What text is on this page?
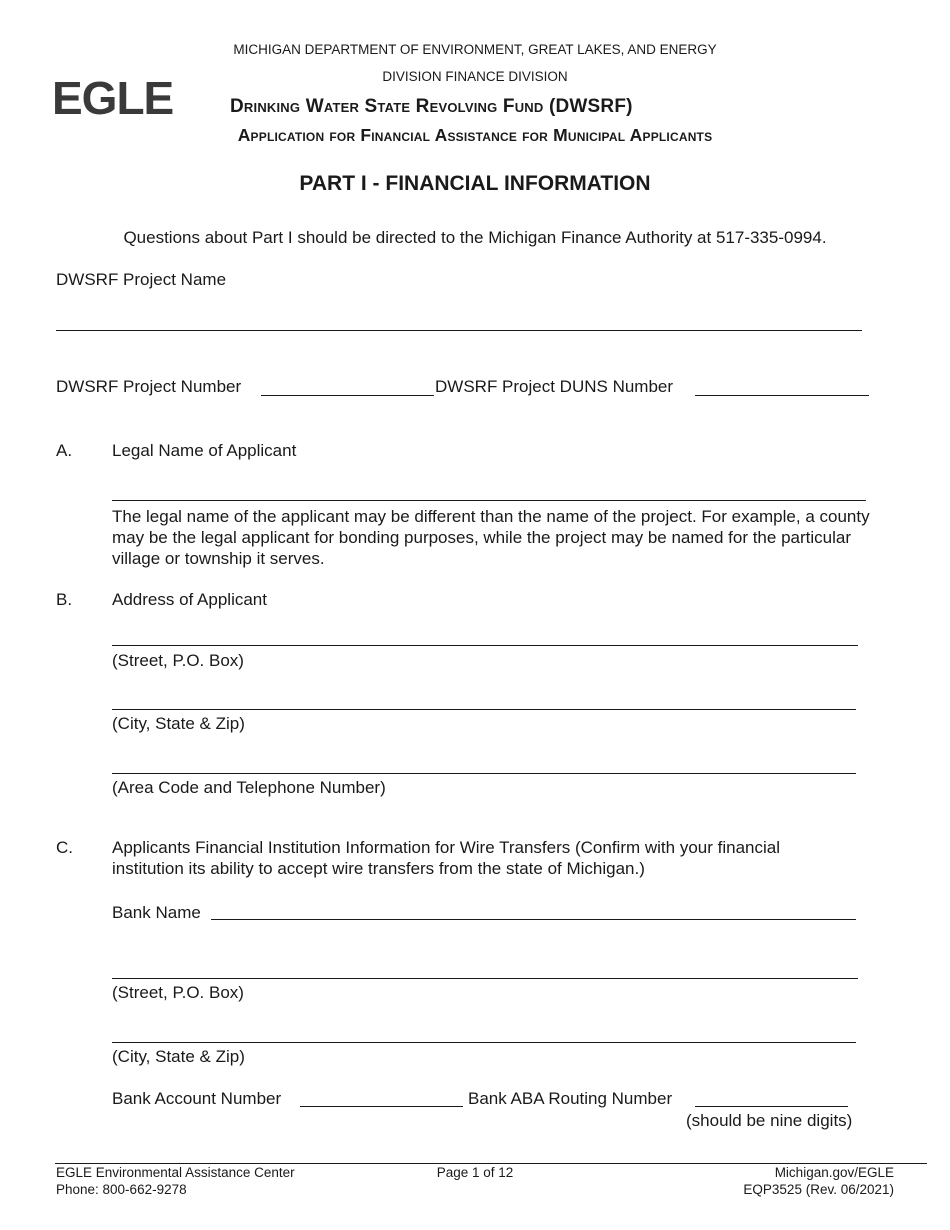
MICHIGAN DEPARTMENT OF ENVIRONMENT, GREAT LAKES, AND ENERGY
DIVISION FINANCE DIVISION
EGLE	Drinking Water State Revolving Fund (DWSRF)
Application for Financial Assistance for Municipal Applicants
PART I - FINANCIAL INFORMATION
Questions about Part I should be directed to the Michigan Finance Authority at 517-335-0994.
DWSRF Project Name
DWSRF Project Number	DWSRF Project DUNS Number
A. Legal Name of Applicant
The legal name of the applicant may be different than the name of the project. For example, a county may be the legal applicant for bonding purposes, while the project may be named for the particular village or township it serves.
B. Address of Applicant
(Street, P.O. Box)
(City, State & Zip)
(Area Code and Telephone Number)
C. Applicants Financial Institution Information for Wire Transfers (Confirm with your financial institution its ability to accept wire transfers from the state of Michigan.)
Bank Name
(Street, P.O. Box)
(City, State & Zip)
Bank Account Number	Bank ABA Routing Number
(should be nine digits)
EGLE Environmental Assistance Center
Phone: 800-662-9278
Page 1 of 12	Michigan.gov/EGLE
EQP3525 (Rev. 06/2021)
